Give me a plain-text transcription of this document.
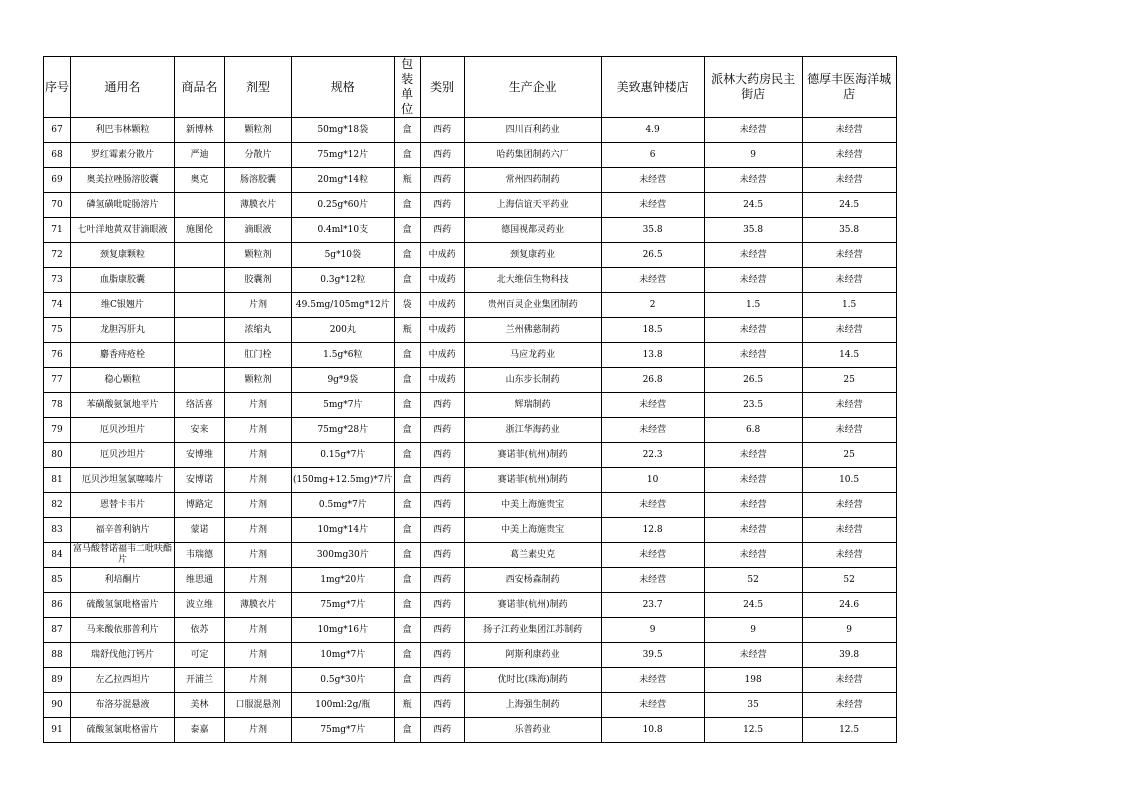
序号	通用名	商品名	剂型	规格	包装单位	类别	生产企业	美致惠钟楼店	派林大药房民主街店	德厚丰医海洋城店
67	利巴韦林颗粒	新博林	颗粒剂	50mg*18袋	盒	西药	四川百利药业	4.9	未经营	未经营
68	罗红霉素分散片	严迪	分散片	75mg*12片	盒	西药	哈药集团制药六厂	6	9	未经营
69	奥美拉唑肠溶胶囊	奥克	肠溶胶囊	20mg*14粒	瓶	西药	常州四药制药	未经营	未经营	未经营
70	磷氢磺吡啶肠溶片		薄膜衣片	0.25g*60片	盒	西药	上海信谊天平药业	未经营	24.5	24.5
71	七叶洋地黄双苷滴眼液	施图伦	滴眼液	0.4ml*10支	盒	西药	德国视都灵药业	35.8	35.8	35.8
72	颈复康颗粒		颗粒剂	5g*10袋	盒	中成药	颈复康药业	26.5	未经营	未经营
73	血脂康胶囊		胶囊剂	0.3g*12粒	盒	中成药	北大维信生物科技	未经营	未经营	未经营
74	维C银翘片		片剂	49.5mg/105mg*12片	袋	中成药	贵州百灵企业集团制药	2	1.5	1.5
75	龙胆泻肝丸		浓缩丸	200丸	瓶	中成药	兰州佛慈制药	18.5	未经营	未经营
76	麝香痔疮栓		肛门栓	1.5g*6粒	盒	中成药	马应龙药业	13.8	未经营	14.5
77	稳心颗粒		颗粒剂	9g*9袋	盒	中成药	山东步长制药	26.8	26.5	25
78	苯磺酸氨氯地平片	络活喜	片剂	5mg*7片	盒	西药	辉瑞制药	未经营	23.5	未经营
79	厄贝沙坦片	安来	片剂	75mg*28片	盒	西药	浙江华海药业	未经营	6.8	未经营
80	厄贝沙坦片	安博维	片剂	0.15g*7片	盒	西药	赛诺菲(杭州)制药	22.3	未经营	25
81	厄贝沙坦氢氯噻嗪片	安博诺	片剂	(150mg+12.5mg)*7片	盒	西药	赛诺菲(杭州)制药	10	未经营	10.5
82	恩替卡韦片	博路定	片剂	0.5mg*7片	盒	西药	中美上海施贵宝	未经营	未经营	未经营
83	福辛普利钠片	蒙诺	片剂	10mg*14片	盒	西药	中美上海施贵宝	12.8	未经营	未经营
84	富马酸替诺福韦二吡呋酯片	韦瑞德	片剂	300mg30片	盒	西药	葛兰素史克	未经营	未经营	未经营
85	利培酮片	维思通	片剂	1mg*20片	盒	西药	西安杨森制药	未经营	52	52
86	硫酸氢氯吡格雷片	波立维	薄膜衣片	75mg*7片	盒	西药	赛诺菲(杭州)制药	23.7	24.5	24.6
87	马来酸依那普利片	依苏	片剂	10mg*16片	盒	西药	扬子江药业集团江苏制药	9	9	9
88	瑞舒伐他汀钙片	可定	片剂	10mg*7片	盒	西药	阿斯利康药业	39.5	未经营	39.8
89	左乙拉西坦片	开浦兰	片剂	0.5g*30片	盒	西药	优时比(珠海)制药	未经营	198	未经营
90	布洛芬混悬液	美林	口服混悬剂	100ml:2g/瓶	瓶	西药	上海强生制药	未经营	35	未经营
91	硫酸氢氯吡格雷片	泰嘉	片剂	75mg*7片	盒	西药	乐普药业	10.8	12.5	12.5
